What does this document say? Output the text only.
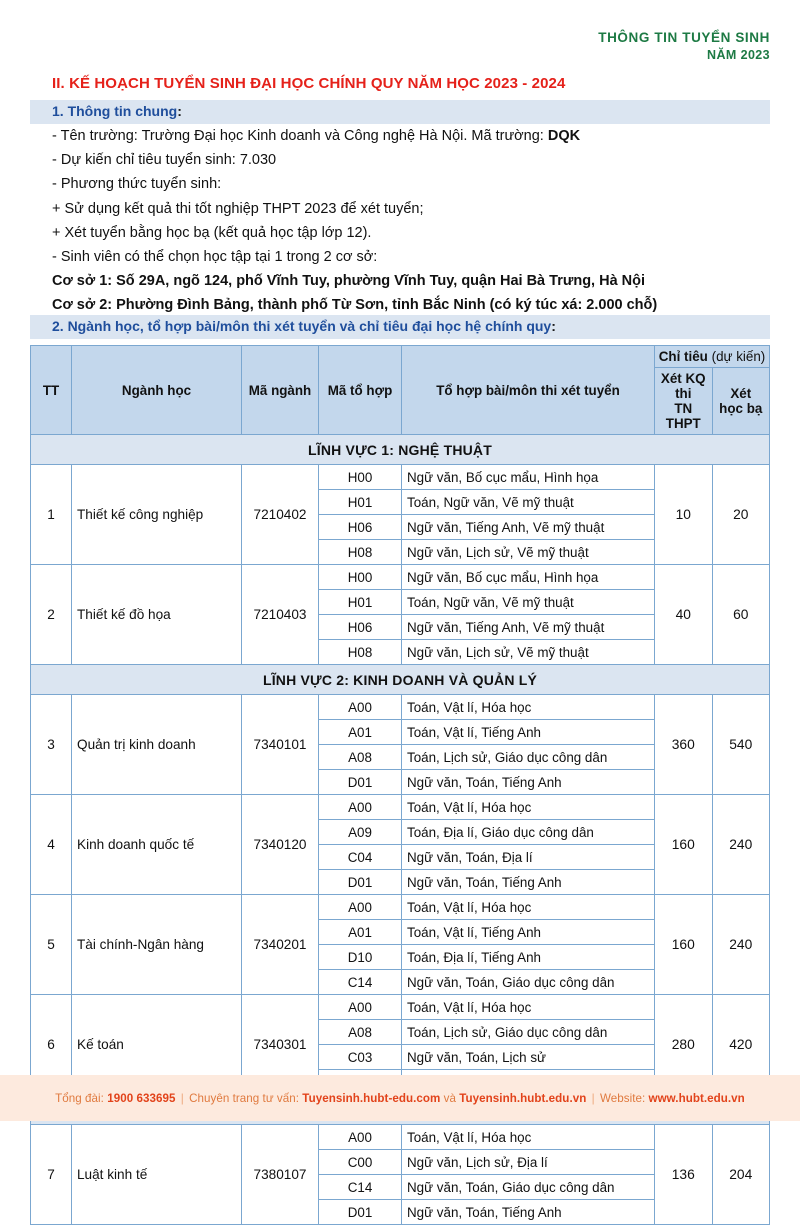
THÔNG TIN TUYỂN SINH
NĂM 2023
II. KẾ HOẠCH TUYỂN SINH ĐẠI HỌC CHÍNH QUY NĂM HỌC 2023 - 2024
1. Thông tin chung:
- Tên trường: Trường Đại học Kinh doanh và Công nghệ Hà Nội. Mã trường: DQK
- Dự kiến chỉ tiêu tuyển sinh: 7.030
- Phương thức tuyển sinh:
+ Sử dụng kết quả thi tốt nghiệp THPT 2023 để xét tuyển;
+ Xét tuyển bằng học bạ (kết quả học tập lớp 12).
- Sinh viên có thể chọn học tập tại 1 trong 2 cơ sở:
Cơ sở 1: Số 29A, ngõ 124, phố Vĩnh Tuy, phường Vĩnh Tuy, quận Hai Bà Trưng, Hà Nội
Cơ sở 2: Phường Đình Bảng, thành phố Từ Sơn, tỉnh Bắc Ninh (có ký túc xá: 2.000 chỗ)
2. Ngành học, tổ hợp bài/môn thi xét tuyển và chỉ tiêu đại học hệ chính quy:
TT	Ngành học	Mã ngành	Mã tổ hợp	Tổ hợp bài/môn thi xét tuyển	Chỉ tiêu (dự kiến)	
					Xét KQ thi
TN THPT	Xét
học bạ
LĨNH VỰC 1: NGHỆ THUẬT						
1	Thiết kế công nghiệp	7210402	H00	Ngữ văn, Bố cục mẩu, Hình họa	10	20
			H01	Toán, Ngữ văn, Vẽ mỹ thuật		
			H06	Ngữ văn, Tiếng Anh, Vẽ mỹ thuật		
			H08	Ngữ văn, Lịch sử, Vẽ mỹ thuật		
2	Thiết kế đồ họa	7210403	H00	Ngữ văn, Bố cục mẩu, Hình họa	40	60
			H01	Toán, Ngữ văn, Vẽ mỹ thuật		
			H06	Ngữ văn, Tiếng Anh, Vẽ mỹ thuật		
			H08	Ngữ văn, Lịch sử, Vẽ mỹ thuật		
LĨNH VỰC 2: KINH DOANH VÀ QUẢN LÝ						
3	Quản trị kinh doanh	7340101	A00	Toán, Vật lí, Hóa học	360	540
			A01	Toán, Vật lí, Tiếng Anh		
			A08	Toán, Lịch sử, Giáo dục công dân		
			D01	Ngữ văn, Toán, Tiếng Anh		
4	Kinh doanh quốc tế	7340120	A00	Toán, Vật lí, Hóa học	160	240
			A09	Toán, Địa lí, Giáo dục công dân		
			C04	Ngữ văn, Toán, Địa lí		
			D01	Ngữ văn, Toán, Tiếng Anh		
5	Tài chính-Ngân hàng	7340201	A00	Toán, Vật lí, Hóa học	160	240
			A01	Toán, Vật lí, Tiếng Anh		
			D10	Toán, Địa lí, Tiếng Anh		
			C14	Ngữ văn, Toán, Giáo dục công dân		
6	Kế toán	7340301	A00	Toán, Vật lí, Hóa học	280	420
			A08	Toán, Lịch sử, Giáo dục công dân		
			C03	Ngữ văn, Toán, Lịch sử		

7	Luật kinh tế	7380107	A00	Toán, Vật lí, Hóa học	136	204
			C00	Ngữ văn, Lịch sử, Địa lí		
			C14	Ngữ văn, Toán, Giáo dục công dân		
			D01	Ngữ văn, Toán, Tiếng Anh		
Tổng đài: 1900 633695 | Chuyên trang tư vấn: Tuyensinh.hubt-edu.com và Tuyensinh.hubt.edu.vn | Website: www.hubt.edu.vn
